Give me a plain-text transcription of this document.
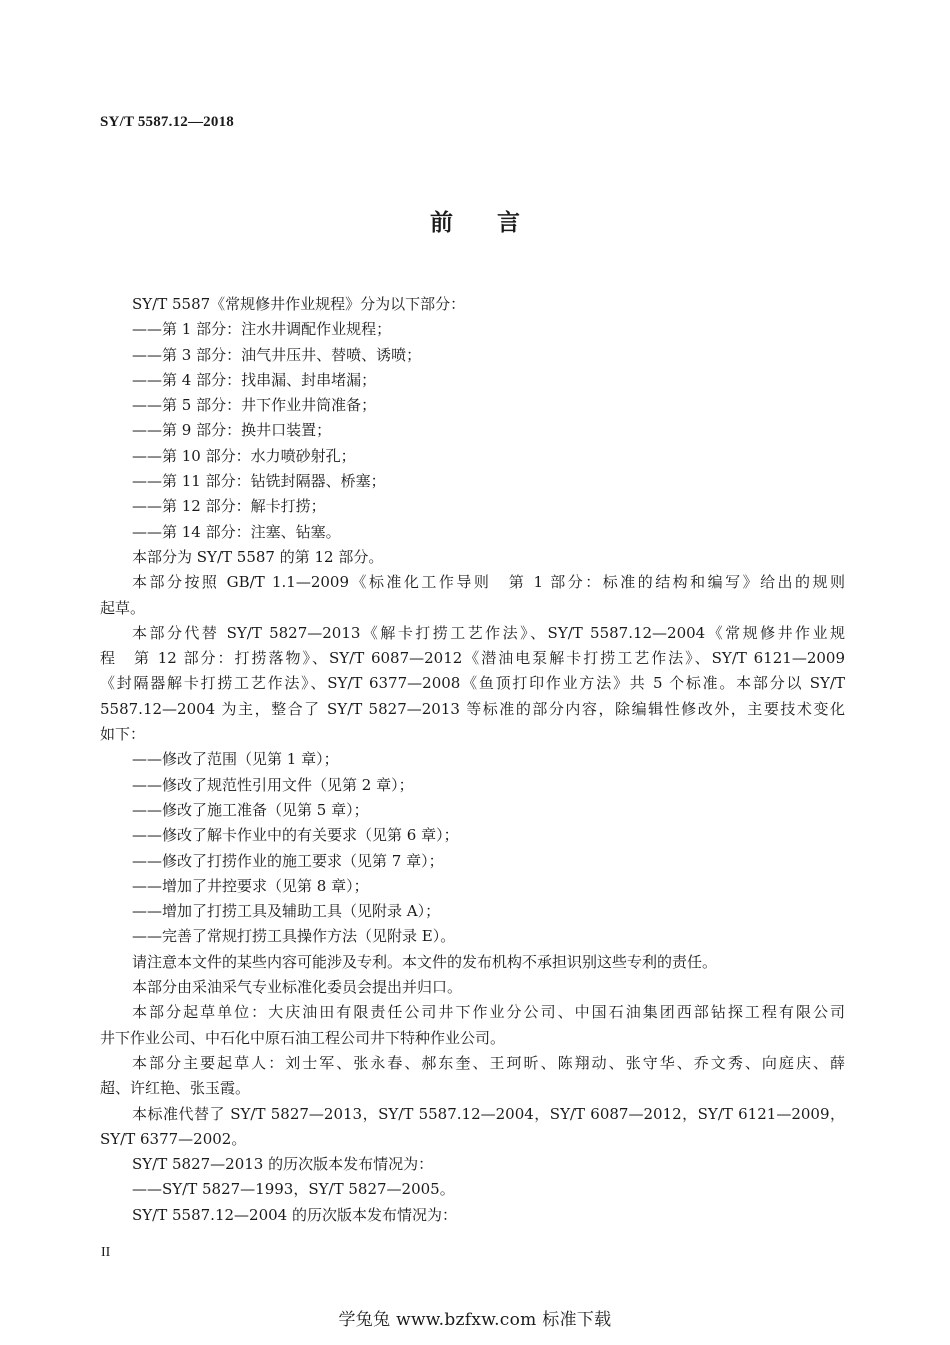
SY/T 5587.12—2018
前言

SY/T 5587《常规修井作业规程》分为以下部分：

——第 1 部分：注水井调配作业规程；

——第 3 部分：油气井压井、替喷、诱喷；

——第 4 部分：找串漏、封串堵漏；

——第 5 部分：井下作业井筒准备；

——第 9 部分：换井口装置；

——第 10 部分：水力喷砂射孔；

——第 11 部分：钻铣封隔器、桥塞；

——第 12 部分：解卡打捞；

——第 14 部分：注塞、钻塞。

本部分为 SY/T 5587 的第 12 部分。

本部分按照 GB/T 1.1—2009《标准化工作导则　第 1 部分：标准的结构和编写》给出的规则

起草。

本部分代替 SY/T 5827—2013《解卡打捞工艺作法》、SY/T 5587.12—2004《常规修井作业规

程　第 12 部分：打捞落物》、SY/T 6087—2012《潜油电泵解卡打捞工艺作法》、SY/T 6121—2009

《封隔器解卡打捞工艺作法》、SY/T 6377—2008《鱼顶打印作业方法》共 5 个标准。本部分以 SY/T

5587.12—2004 为主，整合了 SY/T 5827—2013 等标准的部分内容，除编辑性修改外，主要技术变化

如下：

——修改了范围（见第 1 章）；

——修改了规范性引用文件（见第 2 章）；

——修改了施工准备（见第 5 章）；

——修改了解卡作业中的有关要求（见第 6 章）；

——修改了打捞作业的施工要求（见第 7 章）；

——增加了井控要求（见第 8 章）；

——增加了打捞工具及辅助工具（见附录 A）；

——完善了常规打捞工具操作方法（见附录 E）。

请注意本文件的某些内容可能涉及专利。本文件的发布机构不承担识别这些专利的责任。

本部分由采油采气专业标准化委员会提出并归口。

本部分起草单位：大庆油田有限责任公司井下作业分公司、中国石油集团西部钻探工程有限公司

井下作业公司、中石化中原石油工程公司井下特种作业公司。

本部分主要起草人：刘士军、张永春、郝东奎、王珂昕、陈翔动、张守华、乔文秀、向庭庆、薛

超、许红艳、张玉霞。

本标准代替了 SY/T 5827—2013，SY/T 5587.12—2004，SY/T 6087—2012，SY/T 6121—2009，

SY/T 6377—2002。

SY/T 5827—2013 的历次版本发布情况为：

——SY/T 5827—1993，SY/T 5827—2005。

SY/T 5587.12—2004 的历次版本发布情况为：

II
学兔兔 www.bzfxw.com 标准下载
